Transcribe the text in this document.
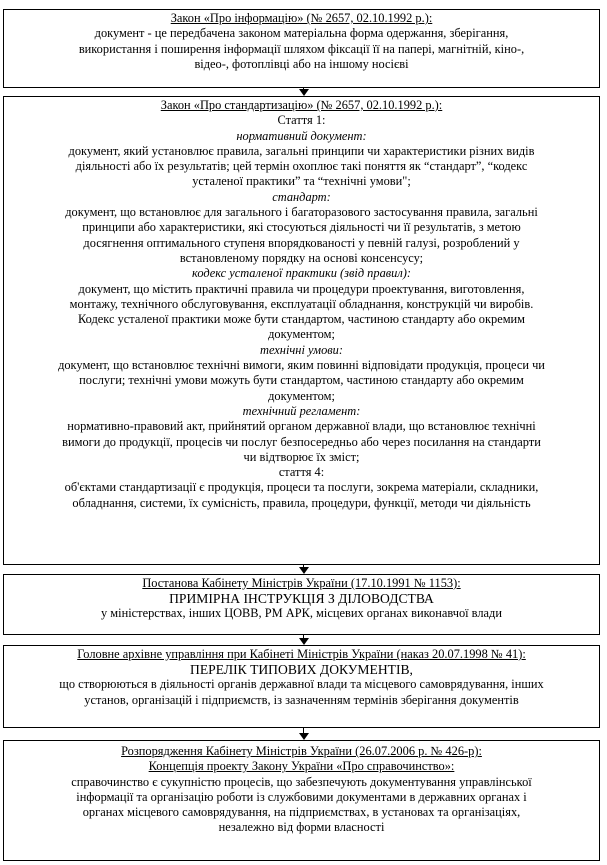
Закон «Про інформацію» (№ 2657, 02.10.1992 р.):
документ - це передбачена законом матеріальна форма одержання, зберігання,
використання і поширення інформації шляхом фіксації її на папері, магнітній, кіно-,
відео-, фотоплівці або на іншому носієві
Закон «Про стандартизацію» (№ 2657, 02.10.1992 р.):
Стаття 1:
нормативний документ:
документ, який установлює правила, загальні принципи чи характеристики різних видів
діяльності або їх результатів; цей термін охоплює такі поняття як “стандарт”, “кодекс
усталеної практики” та “технічні умови";
стандарт:
документ, що встановлює для загального і багаторазового застосування правила, загальні
принципи або характеристики, які стосуються діяльності чи її результатів, з метою
досягнення оптимального ступеня впорядкованості у певній галузі, розроблений у
встановленому порядку на основі консенсусу;
кодекс усталеної практики (звід правил):
документ, що містить практичні правила чи процедури проектування, виготовлення,
монтажу, технічного обслуговування, експлуатації обладнання, конструкцій чи виробів.
Кодекс усталеної практики може бути стандартом, частиною стандарту або окремим
документом;
технічні умови:
документ, що встановлює технічні вимоги, яким повинні відповідати продукція, процеси чи
послуги; технічні умови можуть бути стандартом, частиною стандарту або окремим
документом;
технічний регламент:
нормативно-правовий акт, прийнятий органом державної влади, що встановлює технічні
вимоги до продукції, процесів чи послуг безпосередньо або через посилання на стандарти
чи відтворює їх зміст;
стаття 4:
об'єктами стандартизації є продукція, процеси та послуги, зокрема матеріали, складники,
обладнання, системи, їх сумісність, правила, процедури, функції, методи чи діяльність
Постанова Кабінету Міністрів України (17.10.1991 № 1153):
ПРИМІРНА ІНСТРУКЦІЯ З ДІЛОВОДСТВА
у міністерствах, інших ЦОВВ, РМ АРК, місцевих органах виконавчої влади
Головне архівне управління при Кабінеті Міністрів України (наказ 20.07.1998 № 41):
ПЕРЕЛІК ТИПОВИХ ДОКУМЕНТІВ,
що створюються в діяльності органів державної влади та місцевого самоврядування, інших
установ, організацій і підприємств, із зазначенням термінів зберігання документів
Розпорядження Кабінету Міністрів України (26.07.2006 р. № 426-р):
Концепція проекту Закону України «Про справочинство»:
справочинство є сукупністю процесів, що забезпечують документування управлінської
інформації та організацію роботи із службовими документами в державних органах і
органах місцевого самоврядування, на підприємствах, в установах та організаціях,
незалежно від форми власності
